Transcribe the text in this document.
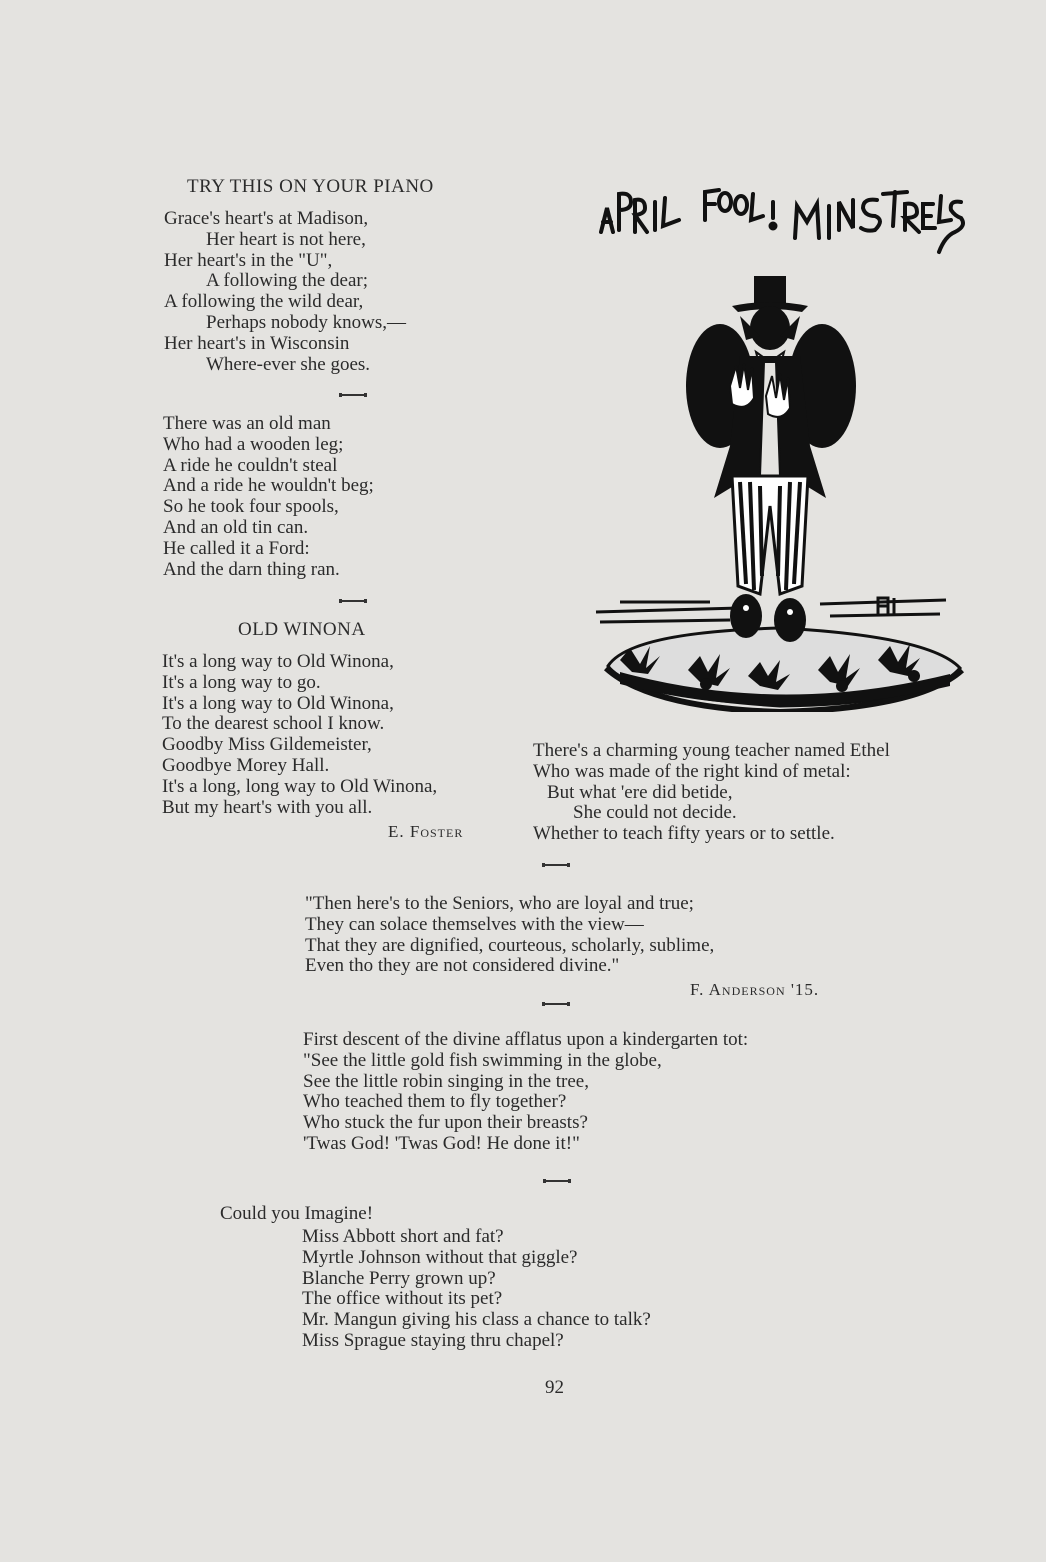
TRY THIS ON YOUR PIANO
Grace's heart's at Madison,
Her heart is not here,
Her heart's in the "U",
A following the dear;
A following the wild dear,
Perhaps nobody knows,—
Her heart's in Wisconsin
Where-ever she goes.
There was an old man
Who had a wooden leg;
A ride he couldn't steal
And a ride he wouldn't beg;
So he took four spools,
And an old tin can.
He called it a Ford:
And the darn thing ran.
OLD WINONA
It's a long way to Old Winona,
It's a long way to go.
It's a long way to Old Winona,
To the dearest school I know.
Goodby Miss Gildemeister,
Goodbye Morey Hall.
It's a long, long way to Old Winona,
But my heart's with you all.
E. Foster
There's a charming young teacher named Ethel
Who was made of the right kind of metal:
But what 'ere did betide,
She could not decide.
Whether to teach fifty years or to settle.
"Then here's to the Seniors, who are loyal and true;
They can solace themselves with the view—
That they are dignified, courteous, scholarly, sublime,
Even tho they are not considered divine."
F. Anderson '15.
First descent of the divine afflatus upon a kindergarten tot:
"See the little gold fish swimming in the globe,
See the little robin singing in the tree,
Who teached them to fly together?
Who stuck the fur upon their breasts?
'Twas God! 'Twas God! He done it!"
Could you Imagine!
Miss Abbott short and fat?
Myrtle Johnson without that giggle?
Blanche Perry grown up?
The office without its pet?
Mr. Mangun giving his class a chance to talk?
Miss Sprague staying thru chapel?
92
